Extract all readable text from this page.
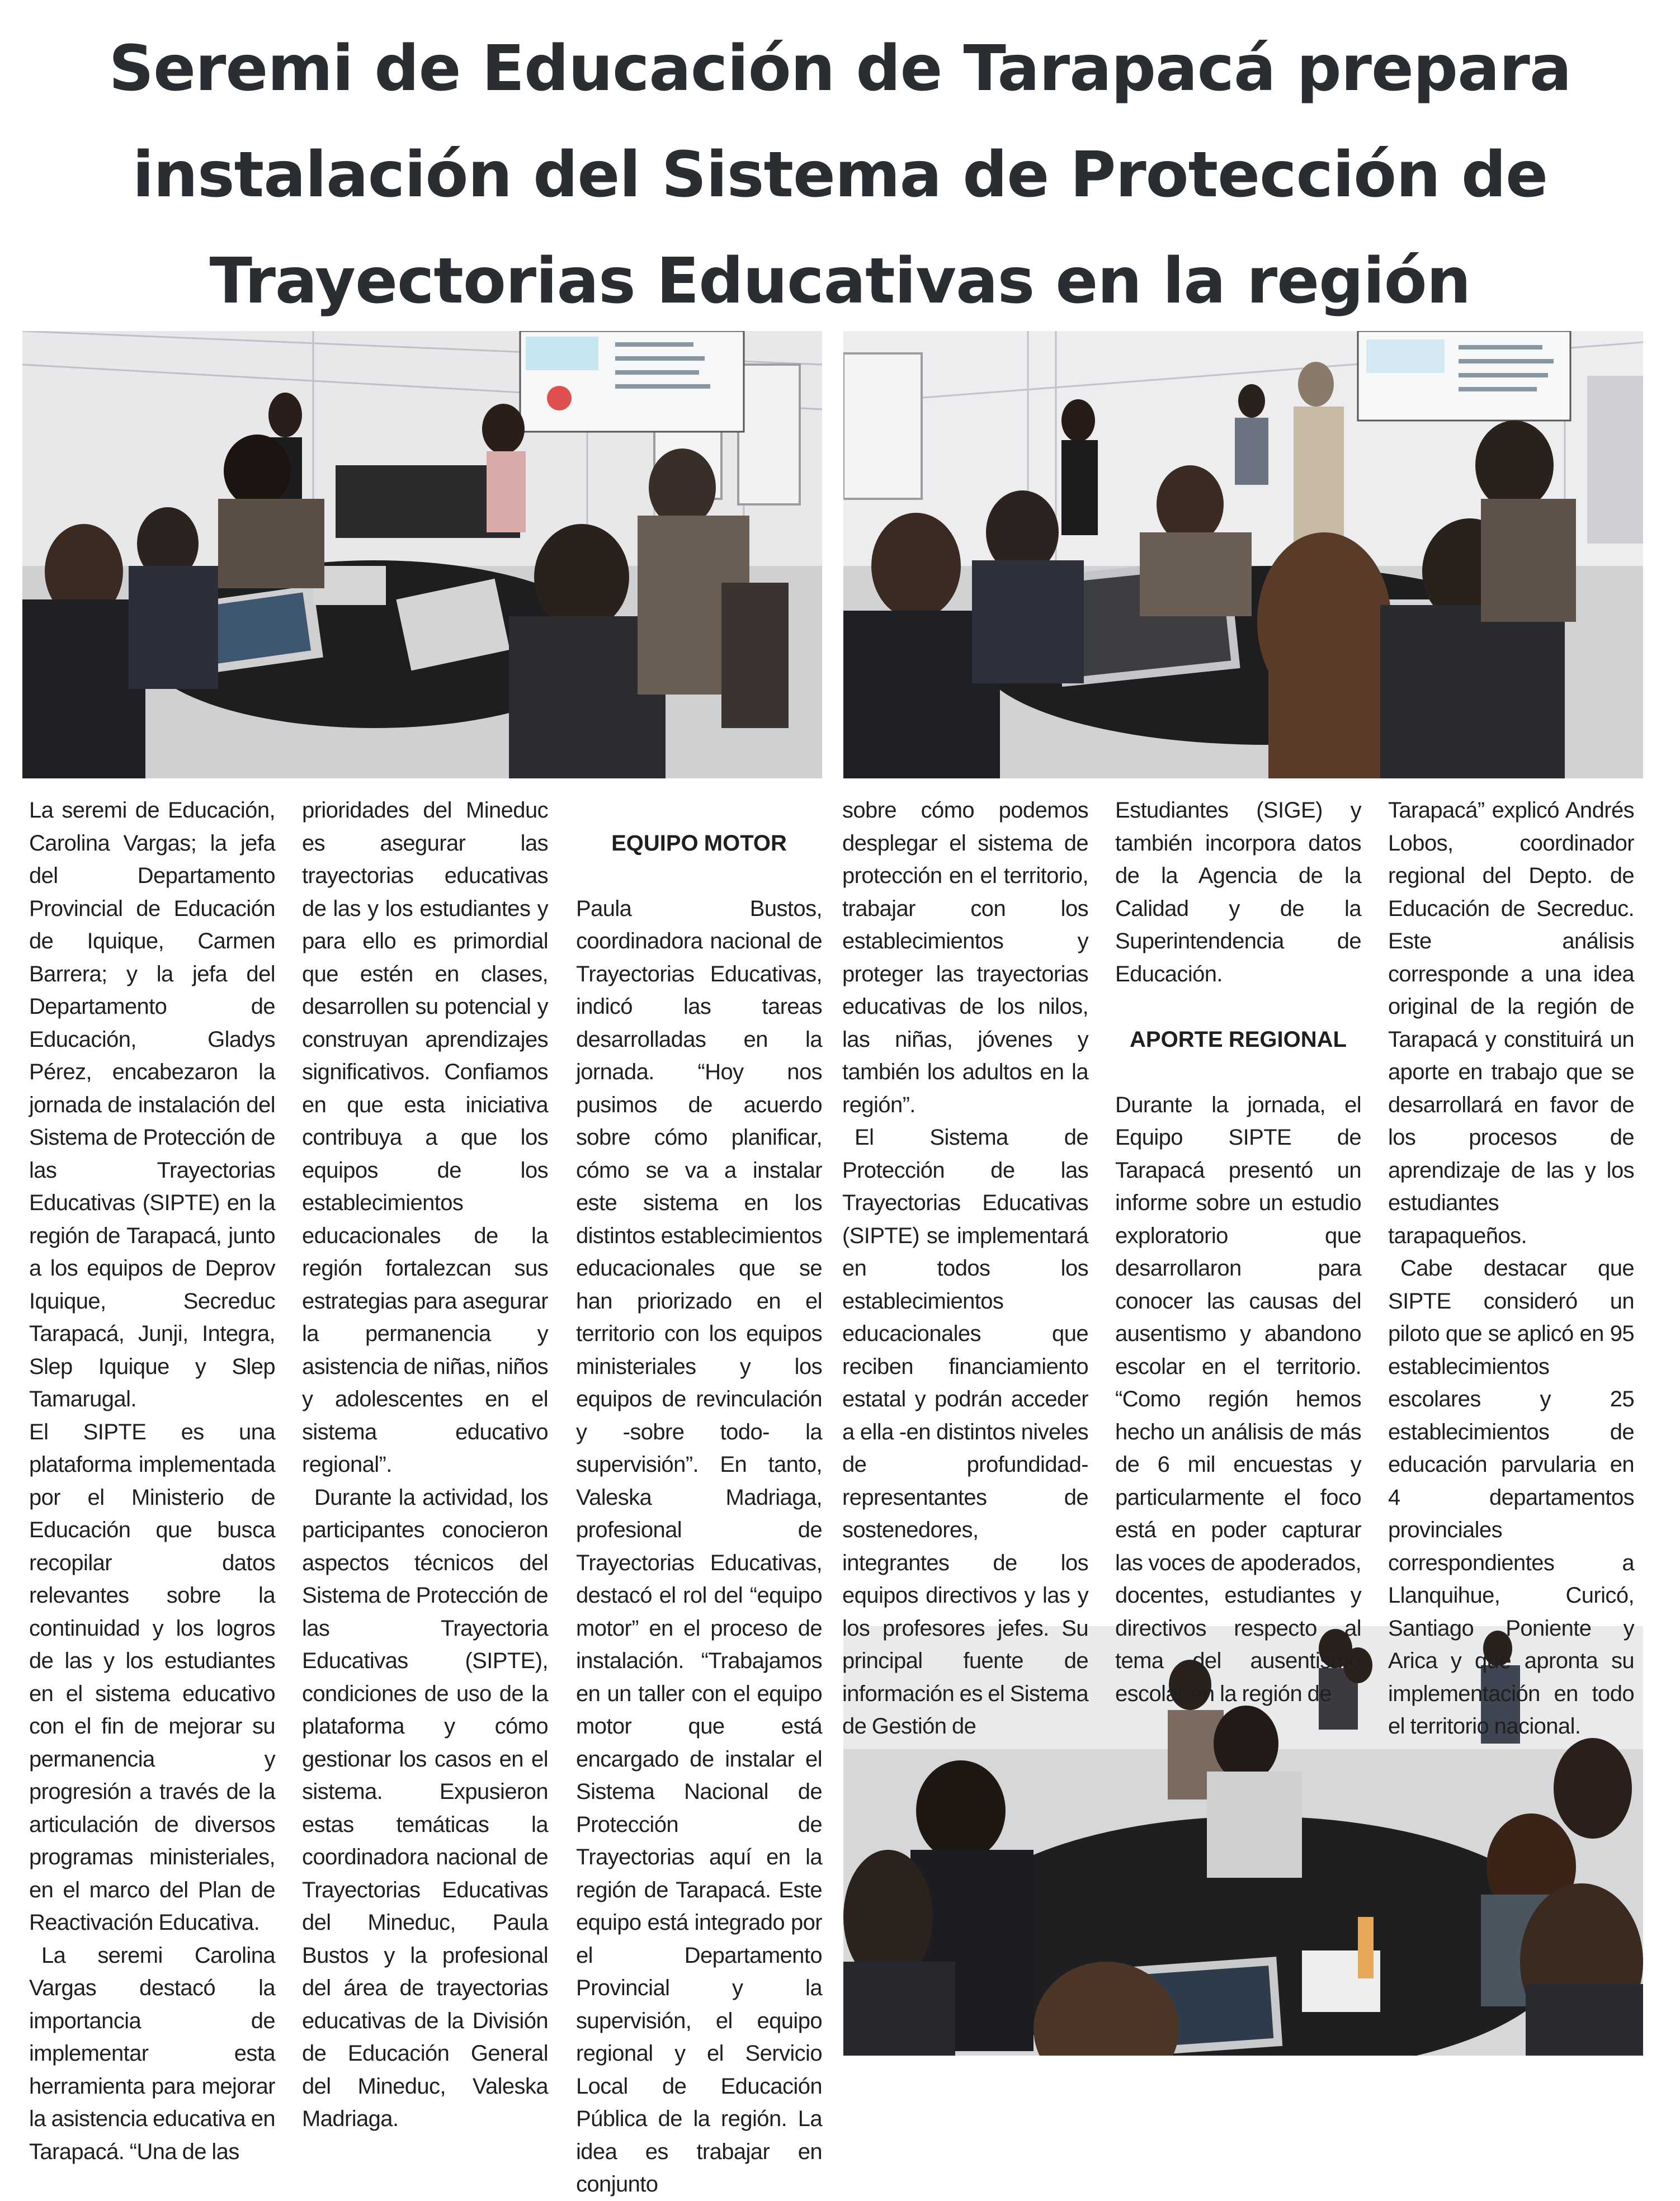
Seremi de Educación de Tarapacá prepara
instalación del Sistema de Protección de
Trayectorias Educativas en la región

La seremi de Educación, Carolina Vargas; la jefa del Departamento Provincial de Educación de Iquique, Carmen Barrera; y la jefa del Departamento de Educación, Gladys Pérez, encabezaron la jornada de instalación del Sistema de Protección de las Trayectorias Educativas (SIPTE) en la región de Tarapacá, junto a los equipos de Deprov Iquique, Secreduc Tarapacá, Junji, Integra, Slep Iquique y Slep Tamarugal.

El SIPTE es una plataforma implementada por el Ministerio de Educación que busca recopilar datos relevantes sobre la continuidad y los logros de las y los estudiantes en el sistema educativo con el fin de mejorar su permanencia y progresión a través de la articulación de diversos programas ministeriales, en el marco del Plan de Reactivación Educativa.

La seremi Carolina Vargas destacó la importancia de implementar esta herramienta para mejorar la asistencia educativa en Tarapacá. “Una de las

prioridades del Mineduc es asegurar las trayectorias educativas de las y los estudiantes y para ello es primordial que estén en clases, desarrollen su potencial y construyan aprendizajes significativos. Confiamos en que esta iniciativa contribuya a que los equipos de los establecimientos educacionales de la región fortalezcan sus estrategias para asegurar la permanencia y asistencia de niñas, niños y adolescentes en el sistema educativo regional”.

Durante la actividad, los participantes conocieron aspectos técnicos del Sistema de Protección de las Trayectoria Educativas (SIPTE), condiciones de uso de la plataforma y cómo gestionar los casos en el sistema. Expusieron estas temáticas la coordinadora nacional de Trayectorias Educativas del Mineduc, Paula Bustos y la profesional del área de trayectorias educativas de la División de Educación General del Mineduc, Valeska Madriaga.

EQUIPO MOTOR

Paula Bustos, coordinadora nacional de Trayectorias Educativas, indicó las tareas desarrolladas en la jornada. “Hoy nos pusimos de acuerdo sobre cómo planificar, cómo se va a instalar este sistema en los distintos establecimientos educacionales que se han priorizado en el territorio con los equipos ministeriales y los equipos de revinculación y -sobre todo- la supervisión”. En tanto, Valeska Madriaga, profesional de Trayectorias Educativas, destacó el rol del “equipo motor” en el proceso de instalación. “Trabajamos en un taller con el equipo motor que está encargado de instalar el Sistema Nacional de Protección de Trayectorias aquí en la región de Tarapacá. Este equipo está integrado por el Departamento Provincial y la supervisión, el equipo regional y el Servicio Local de Educación Pública de la región. La idea es trabajar en conjunto

sobre cómo podemos desplegar el sistema de protección en el territorio, trabajar con los establecimientos y proteger las trayectorias educativas de los nilos, las niñas, jóvenes y también los adultos en la región”.

El Sistema de Protección de las Trayectorias Educativas (SIPTE) se implementará en todos los establecimientos educacionales que reciben financiamiento estatal y podrán acceder a ella -en distintos niveles de profundidad- representantes de sostenedores, integrantes de los equipos directivos y las y los profesores jefes. Su principal fuente de información es el Sistema de Gestión de

Estudiantes (SIGE) y también incorpora datos de la Agencia de la Calidad y de la Superintendencia de Educación.

APORTE REGIONAL

Durante la jornada, el Equipo SIPTE de Tarapacá presentó un informe sobre un estudio exploratorio que desarrollaron para conocer las causas del ausentismo y abandono escolar en el territorio. “Como región hemos hecho un análisis de más de 6 mil encuestas y particularmente el foco está en poder capturar las voces de apoderados, docentes, estudiantes y directivos respecto al tema del ausentismo escolar en la región de

Tarapacá” explicó Andrés Lobos, coordinador regional del Depto. de Educación de Secreduc. Este análisis corresponde a una idea original de la región de Tarapacá y constituirá un aporte en trabajo que se desarrollará en favor de los procesos de aprendizaje de las y los estudiantes tarapaqueños.

Cabe destacar que SIPTE consideró un piloto que se aplicó en 95 establecimientos escolares y 25 establecimientos de educación parvularia en 4 departamentos provinciales correspondientes a Llanquihue, Curicó, Santiago Poniente y Arica y que apronta su implementación en todo el territorio nacional.
